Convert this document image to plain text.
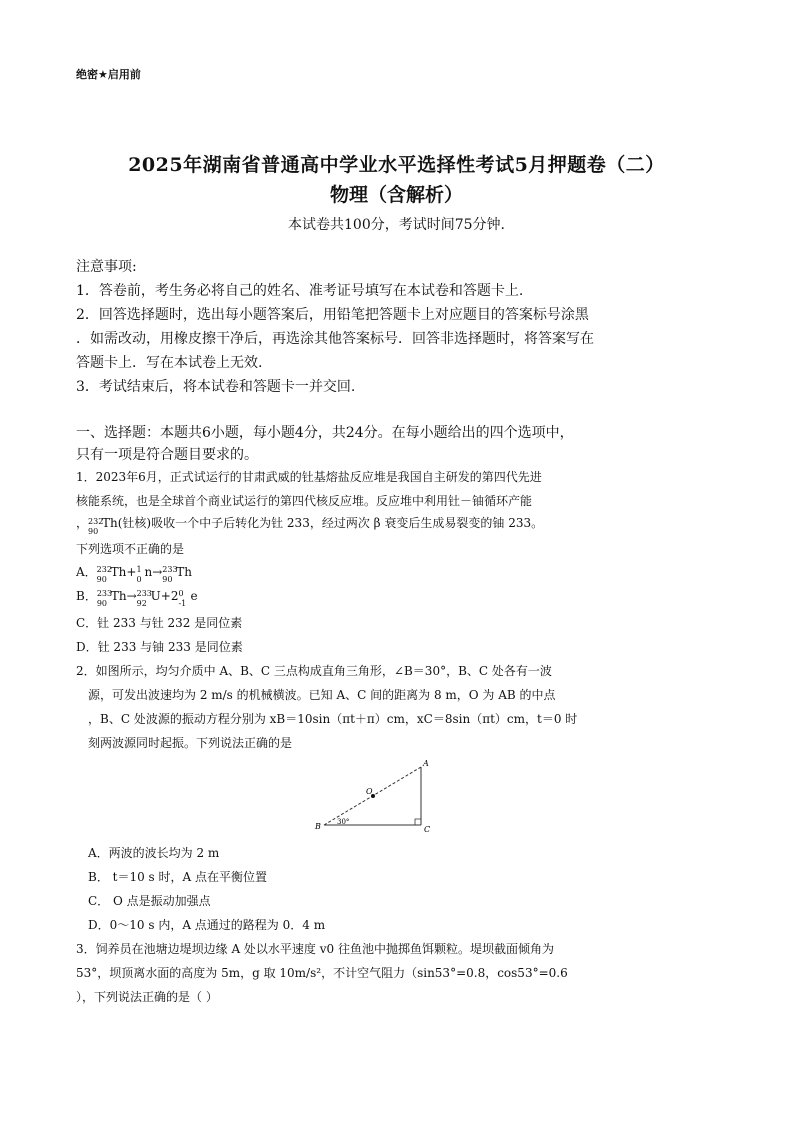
绝密★启用前
2025年湖南省普通高中学业水平选择性考试5月押题卷（二）
物理（含解析）
本试卷共100分，考试时间75分钟.
注意事项:
1．答卷前，考生务必将自己的姓名、准考证号填写在本试卷和答题卡上.
2．回答选择题时，选出每小题答案后，用铅笔把答题卡上对应题目的答案标号涂黑
．如需改动，用橡皮擦干净后，再选涂其他答案标号．回答非选择题时，将答案写在
答题卡上．写在本试卷上无效.
3．考试结束后，将本试卷和答题卡一并交回.
一、选择题：本题共6小题，每小题4分，共24分。在每小题给出的四个选项中，
只有一项是符合题目要求的。
1．2023年6月，正式试运行的甘肃武威的钍基熔盐反应堆是我国自主研发的第四代先进
核能系统，也是全球首个商业试运行的第四代核反应堆。反应堆中利用钍－铀循环产能
， 232
90
Th(钍核)吸收一个中子后转化为钍 233，经过两次 β 衰变后生成易裂变的铀 233。
下列选项不正确的是
A． 232
90 Th+ 1
0 n→ 233
90 Th
B． 233
90 Th→ 233
92 U+2 0
-1 e
C．钍 233 与钍 232 是同位素
D．钍 233 与铀 233 是同位素
2．如图所示，均匀介质中 A、B、C 三点构成直角三角形，∠B＝30°，B、C 处各有一波
源，可发出波速均为 2 m/s 的机械横波。已知 A、C 间的距离为 8 m，O 为 AB 的中点
，B、C 处波源的振动方程分别为 xB＝10sin（πt＋π）cm，xC＝8sin（πt）cm，t＝0 时
刻两波源同时起振。下列说法正确的是
A
B	C
O
30°
A．两波的波长均为 2 m
B． t＝10 s 时，A 点在平衡位置
C． O 点是振动加强点
D．0～10 s 内，A 点通过的路程为 0．4 m
3．饲养员在池塘边堤坝边缘 A 处以水平速度 v0 往鱼池中抛掷鱼饵颗粒。堤坝截面倾角为
53°，坝顶离水面的高度为 5m，g 取 10m/s²，不计空气阻力（sin53°=0.8，cos53°=0.6
），下列说法正确的是（ ）
